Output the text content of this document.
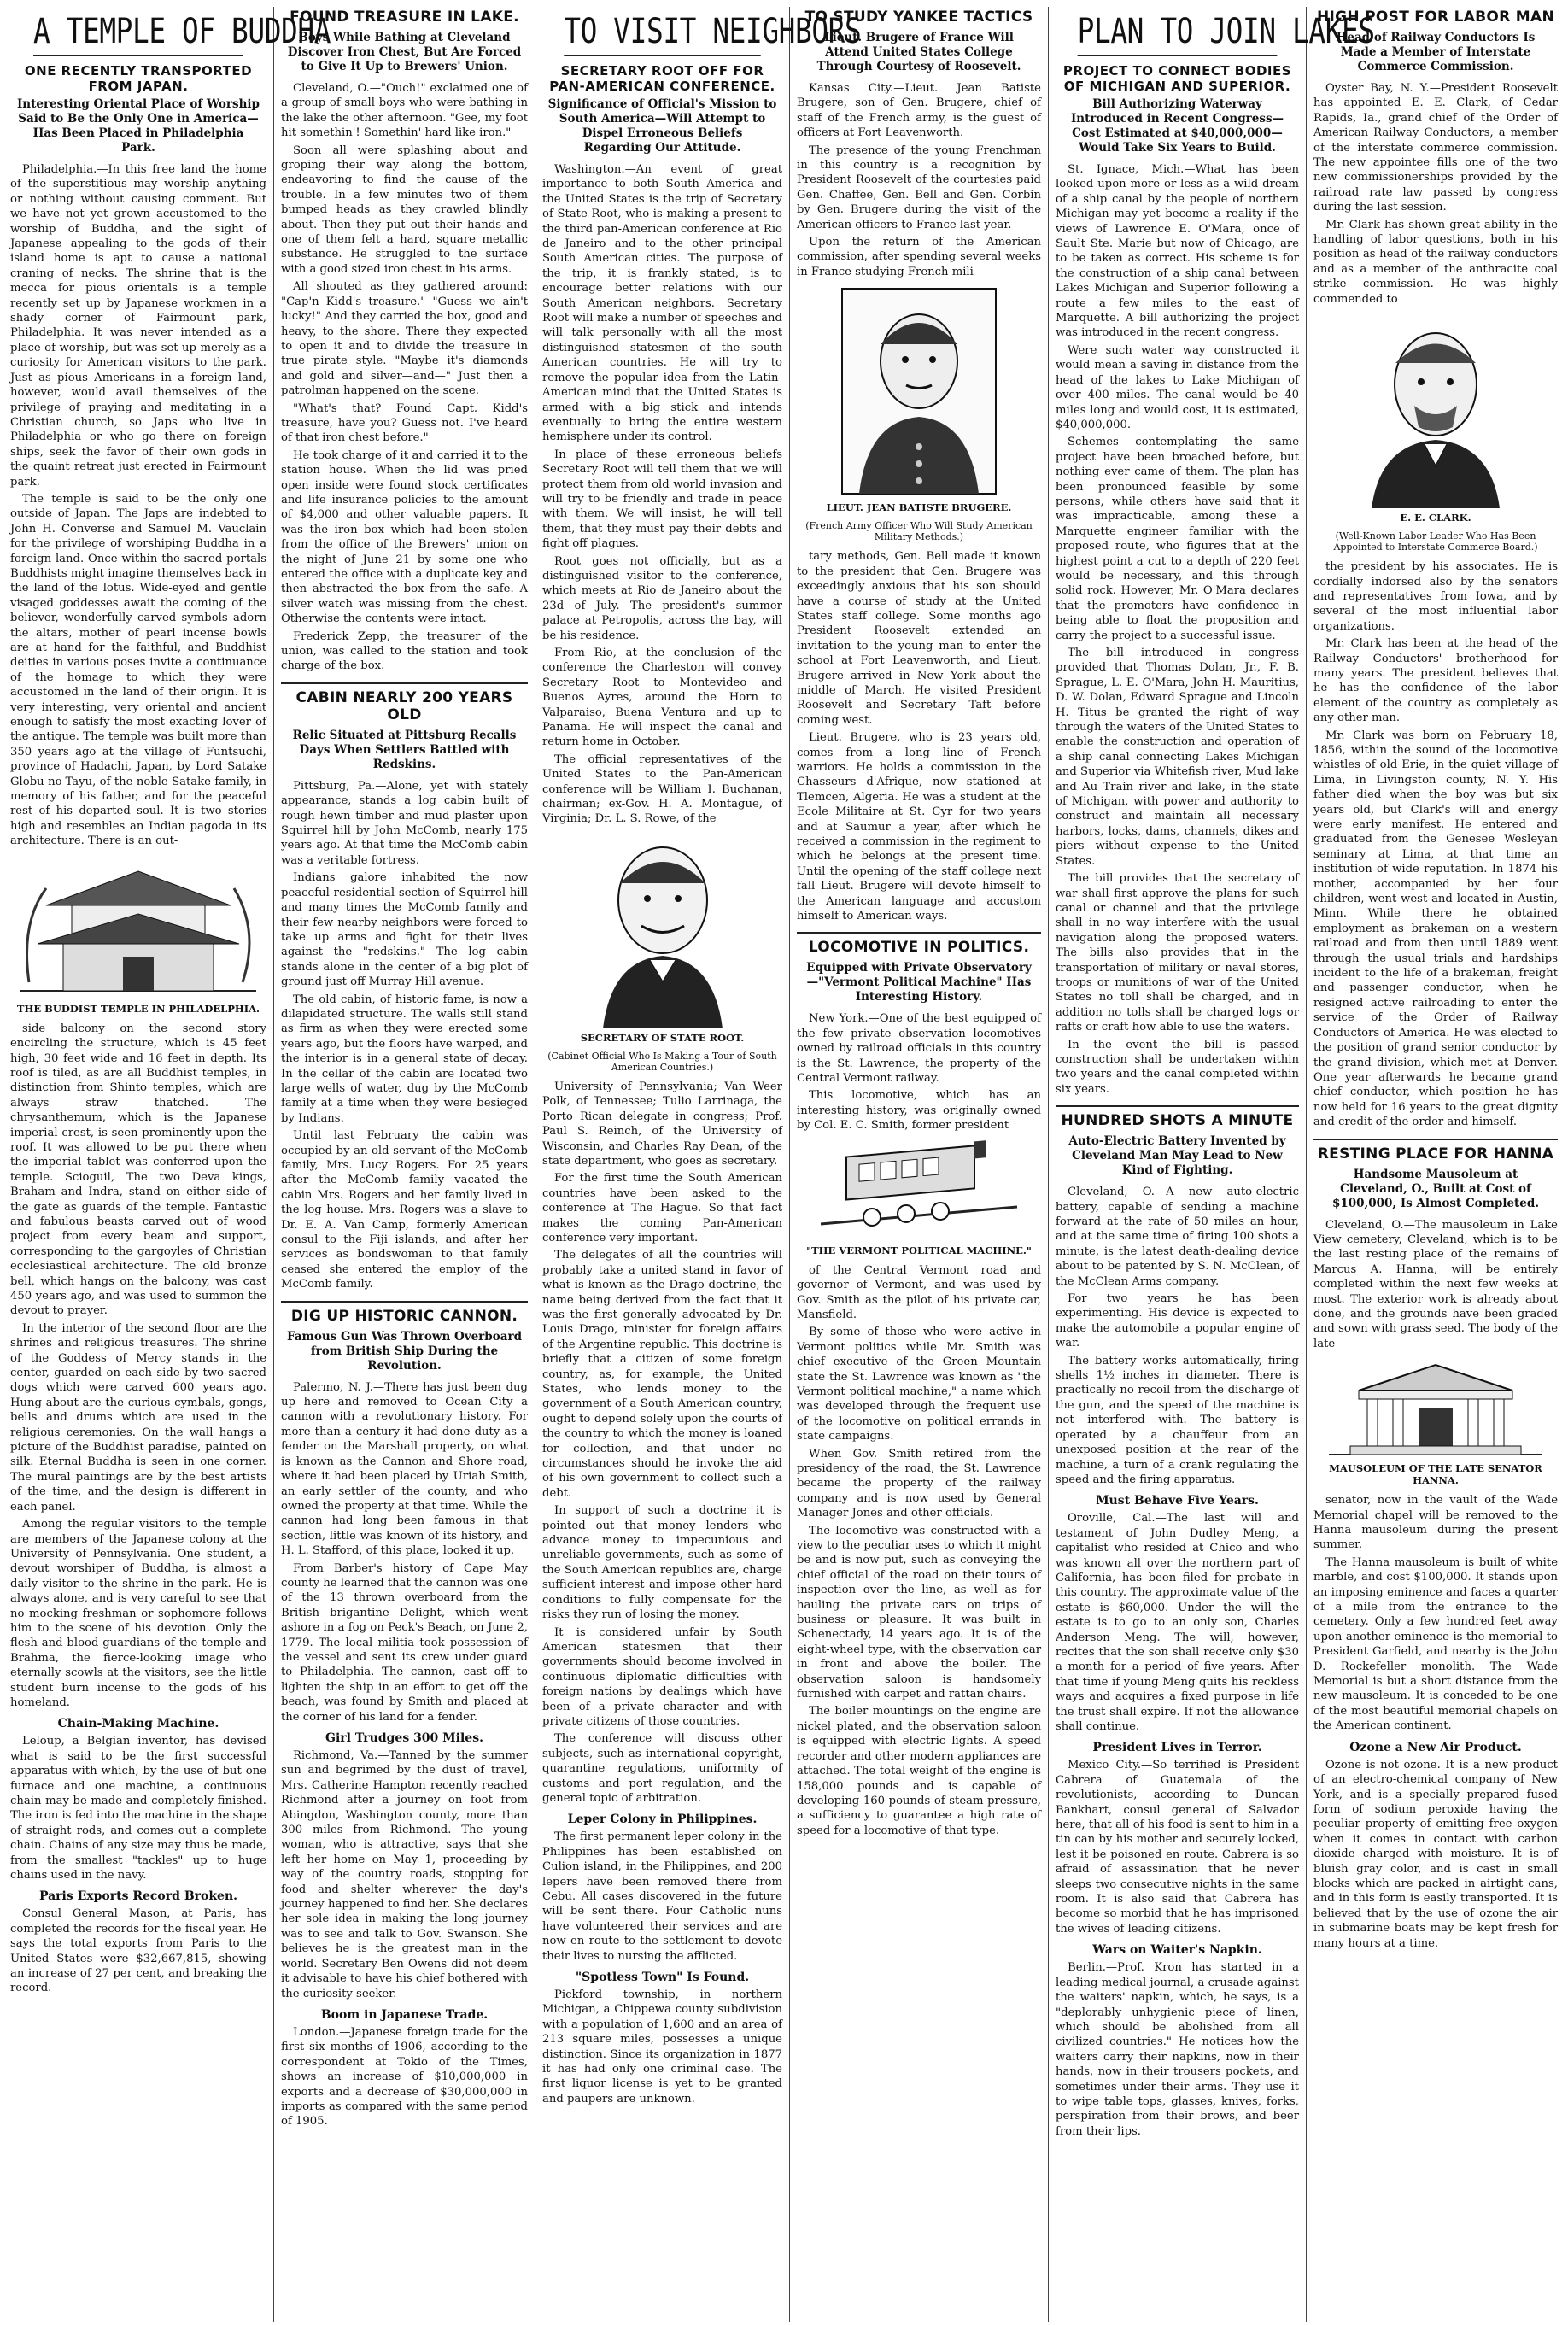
A TEMPLE OF BUDDHA
ONE RECENTLY TRANSPORTED FROM JAPAN.
Interesting Oriental Place of Worship Said to Be the Only One in America—Has Been Placed in Philadelphia Park.

Philadelphia.—In this free land the home of the superstitious may worship anything or nothing without causing comment. But we have not yet grown accustomed to the worship of Buddha, and the sight of Japanese appealing to the gods of their island home is apt to cause a national craning of necks. The shrine that is the mecca for pious orientals is a temple recently set up by Japanese workmen in a shady corner of Fairmount park, Philadelphia. It was never intended as a place of worship, but was set up merely as a curiosity for American visitors to the park. Just as pious Americans in a foreign land, however, would avail themselves of the privilege of praying and meditating in a Christian church, so Japs who live in Philadelphia or who go there on foreign ships, seek the favor of their own gods in the quaint retreat just erected in Fairmount park.

The temple is said to be the only one outside of Japan. The Japs are indebted to John H. Converse and Samuel M. Vauclain for the privilege of worshiping Buddha in a foreign land. Once within the sacred portals Buddhists might imagine themselves back in the land of the lotus. Wide-eyed and gentle visaged goddesses await the coming of the believer, wonderfully carved symbols adorn the altars, mother of pearl incense bowls are at hand for the faithful, and Buddhist deities in various poses invite a continuance of the homage to which they were accustomed in the land of their origin. It is very interesting, very oriental and ancient enough to satisfy the most exacting lover of the antique. The temple was built more than 350 years ago at the village of Funtsuchi, province of Hadachi, Japan, by Lord Satake Globu-no-Tayu, of the noble Satake family, in memory of his father, and for the peaceful rest of his departed soul. It is two stories high and resembles an Indian pagoda in its architecture. There is an out-

THE BUDDIST TEMPLE IN PHILADELPHIA.

side balcony on the second story encircling the structure, which is 45 feet high, 30 feet wide and 16 feet in depth. Its roof is tiled, as are all Buddhist temples, in distinction from Shinto temples, which are always straw thatched. The chrysanthemum, which is the Japanese imperial crest, is seen prominently upon the roof. It was allowed to be put there when the imperial tablet was conferred upon the temple. Scioguil, The two Deva kings, Braham and Indra, stand on either side of the gate as guards of the temple. Fantastic and fabulous beasts carved out of wood project from every beam and support, corresponding to the gargoyles of Christian ecclesiastical architecture. The old bronze bell, which hangs on the balcony, was cast 450 years ago, and was used to summon the devout to prayer.

In the interior of the second floor are the shrines and religious treasures. The shrine of the Goddess of Mercy stands in the center, guarded on each side by two sacred dogs which were carved 600 years ago. Hung about are the curious cymbals, gongs, bells and drums which are used in the religious ceremonies. On the wall hangs a picture of the Buddhist paradise, painted on silk. Eternal Buddha is seen in one corner. The mural paintings are by the best artists of the time, and the design is different in each panel.

Among the regular visitors to the temple are members of the Japanese colony at the University of Pennsylvania. One student, a devout worshiper of Buddha, is almost a daily visitor to the shrine in the park. He is always alone, and is very careful to see that no mocking freshman or sophomore follows him to the scene of his devotion. Only the flesh and blood guardians of the temple and Brahma, the fierce-looking image who eternally scowls at the visitors, see the little student burn incense to the gods of his homeland.

Chain-Making Machine.

Leloup, a Belgian inventor, has devised what is said to be the first successful apparatus with which, by the use of but one furnace and one machine, a continuous chain may be made and completely finished. The iron is fed into the machine in the shape of straight rods, and comes out a complete chain. Chains of any size may thus be made, from the smallest "tackles" up to huge chains used in the navy.

Paris Exports Record Broken.

Consul General Mason, at Paris, has completed the records for the fiscal year. He says the total exports from Paris to the United States were $32,667,815, showing an increase of 27 per cent, and breaking the record.

FOUND TREASURE IN LAKE.
Boys While Bathing at Cleveland Discover Iron Chest, But Are Forced to Give It Up to Brewers' Union.

Cleveland, O.—"Ouch!" exclaimed one of a group of small boys who were bathing in the lake the other afternoon. "Gee, my foot hit somethin'! Somethin' hard like iron."

Soon all were splashing about and groping their way along the bottom, endeavoring to find the cause of the trouble. In a few minutes two of them bumped heads as they crawled blindly about. Then they put out their hands and one of them felt a hard, square metallic substance. He struggled to the surface with a good sized iron chest in his arms.

All shouted as they gathered around: "Cap'n Kidd's treasure." "Guess we ain't lucky!" And they carried the box, good and heavy, to the shore. There they expected to open it and to divide the treasure in true pirate style. "Maybe it's diamonds and gold and silver—and—" Just then a patrolman happened on the scene.

"What's that? Found Capt. Kidd's treasure, have you? Guess not. I've heard of that iron chest before."

He took charge of it and carried it to the station house. When the lid was pried open inside were found stock certificates and life insurance policies to the amount of $4,000 and other valuable papers. It was the iron box which had been stolen from the office of the Brewers' union on the night of June 21 by some one who entered the office with a duplicate key and then abstracted the box from the safe. A silver watch was missing from the chest. Otherwise the contents were intact.

Frederick Zepp, the treasurer of the union, was called to the station and took charge of the box.

CABIN NEARLY 200 YEARS OLD
Relic Situated at Pittsburg Recalls Days When Settlers Battled with Redskins.

Pittsburg, Pa.—Alone, yet with stately appearance, stands a log cabin built of rough hewn timber and mud plaster upon Squirrel hill by John McComb, nearly 175 years ago. At that time the McComb cabin was a veritable fortress.

Indians galore inhabited the now peaceful residential section of Squirrel hill and many times the McComb family and their few nearby neighbors were forced to take up arms and fight for their lives against the "redskins." The log cabin stands alone in the center of a big plot of ground just off Murray Hill avenue.

The old cabin, of historic fame, is now a dilapidated structure. The walls still stand as firm as when they were erected some years ago, but the floors have warped, and the interior is in a general state of decay. In the cellar of the cabin are located two large wells of water, dug by the McComb family at a time when they were besieged by Indians.

Until last February the cabin was occupied by an old servant of the McComb family, Mrs. Lucy Rogers. For 25 years after the McComb family vacated the cabin Mrs. Rogers and her family lived in the log house. Mrs. Rogers was a slave to Dr. E. A. Van Camp, formerly American consul to the Fiji islands, and after her services as bondswoman to that family ceased she entered the employ of the McComb family.

DIG UP HISTORIC CANNON.
Famous Gun Was Thrown Overboard from British Ship During the Revolution.

Palermo, N. J.—There has just been dug up here and removed to Ocean City a cannon with a revolutionary history. For more than a century it had done duty as a fender on the Marshall property, on what is known as the Cannon and Shore road, where it had been placed by Uriah Smith, an early settler of the county, and who owned the property at that time. While the cannon had long been famous in that section, little was known of its history, and H. L. Stafford, of this place, looked it up.

From Barber's history of Cape May county he learned that the cannon was one of the 13 thrown overboard from the British brigantine Delight, which went ashore in a fog on Peck's Beach, on June 2, 1779. The local militia took possession of the vessel and sent its crew under guard to Philadelphia. The cannon, cast off to lighten the ship in an effort to get off the beach, was found by Smith and placed at the corner of his land for a fender.

Girl Trudges 300 Miles.

Richmond, Va.—Tanned by the summer sun and begrimed by the dust of travel, Mrs. Catherine Hampton recently reached Richmond after a journey on foot from Abingdon, Washington county, more than 300 miles from Richmond. The young woman, who is attractive, says that she left her home on May 1, proceeding by way of the country roads, stopping for food and shelter wherever the day's journey happened to find her. She declares her sole idea in making the long journey was to see and talk to Gov. Swanson. She believes he is the greatest man in the world. Secretary Ben Owens did not deem it advisable to have his chief bothered with the curiosity seeker.

Boom in Japanese Trade.

London.—Japanese foreign trade for the first six months of 1906, according to the correspondent at Tokio of the Times, shows an increase of $10,000,000 in exports and a decrease of $30,000,000 in imports as compared with the same period of 1905.

TO VISIT NEIGHBORS
SECRETARY ROOT OFF FOR PAN-AMERICAN CONFERENCE.
Significance of Official's Mission to South America—Will Attempt to Dispel Erroneous Beliefs Regarding Our Attitude.

Washington.—An event of great importance to both South America and the United States is the trip of Secretary of State Root, who is making a present to the third pan-American conference at Rio de Janeiro and to the other principal South American cities. The purpose of the trip, it is frankly stated, is to encourage better relations with our South American neighbors. Secretary Root will make a number of speeches and will talk personally with all the most distinguished statesmen of the south American countries. He will try to remove the popular idea from the Latin-American mind that the United States is armed with a big stick and intends eventually to bring the entire western hemisphere under its control.

In place of these erroneous beliefs Secretary Root will tell them that we will protect them from old world invasion and will try to be friendly and trade in peace with them. We will insist, he will tell them, that they must pay their debts and fight off plagues.

Root goes not officially, but as a distinguished visitor to the conference, which meets at Rio de Janeiro about the 23d of July. The president's summer palace at Petropolis, across the bay, will be his residence.

From Rio, at the conclusion of the conference the Charleston will convey Secretary Root to Montevideo and Buenos Ayres, around the Horn to Valparaiso, Buena Ventura and up to Panama. He will inspect the canal and return home in October.

The official representatives of the United States to the Pan-American conference will be William I. Buchanan, chairman; ex-Gov. H. A. Montague, of Virginia; Dr. L. S. Rowe, of the

SECRETARY OF STATE ROOT.
(Cabinet Official Who Is Making a Tour of South American Countries.)

University of Pennsylvania; Van Weer Polk, of Tennessee; Tulio Larrinaga, the Porto Rican delegate in congress; Prof. Paul S. Reinch, of the University of Wisconsin, and Charles Ray Dean, of the state department, who goes as secretary.

For the first time the South American countries have been asked to the conference at The Hague. So that fact makes the coming Pan-American conference very important.

The delegates of all the countries will probably take a united stand in favor of what is known as the Drago doctrine, the name being derived from the fact that it was the first generally advocated by Dr. Louis Drago, minister for foreign affairs of the Argentine republic. This doctrine is briefly that a citizen of some foreign country, as, for example, the United States, who lends money to the government of a South American country, ought to depend solely upon the courts of the country to which the money is loaned for collection, and that under no circumstances should he invoke the aid of his own government to collect such a debt.

In support of such a doctrine it is pointed out that money lenders who advance money to impecunious and unreliable governments, such as some of the South American republics are, charge sufficient interest and impose other hard conditions to fully compensate for the risks they run of losing the money.

It is considered unfair by South American statesmen that their governments should become involved in continuous diplomatic difficulties with foreign nations by dealings which have been of a private character and with private citizens of those countries.

The conference will discuss other subjects, such as international copyright, quarantine regulations, uniformity of customs and port regulation, and the general topic of arbitration.

Leper Colony in Philippines.

The first permanent leper colony in the Philippines has been established on Culion island, in the Philippines, and 200 lepers have been removed there from Cebu. All cases discovered in the future will be sent there. Four Catholic nuns have volunteered their services and are now en route to the settlement to devote their lives to nursing the afflicted.

"Spotless Town" Is Found.

Pickford township, in northern Michigan, a Chippewa county subdivision with a population of 1,600 and an area of 213 square miles, possesses a unique distinction. Since its organization in 1877 it has had only one criminal case. The first liquor license is yet to be granted and paupers are unknown.

TO STUDY YANKEE TACTICS
Lieut. Brugere of France Will Attend United States College Through Courtesy of Roosevelt.

Kansas City.—Lieut. Jean Batiste Brugere, son of Gen. Brugere, chief of staff of the French army, is the guest of officers at Fort Leavenworth.

The presence of the young Frenchman in this country is a recognition by President Roosevelt of the courtesies paid Gen. Chaffee, Gen. Bell and Gen. Corbin by Gen. Brugere during the visit of the American officers to France last year.

Upon the return of the American commission, after spending several weeks in France studying French mili-

LIEUT. JEAN BATISTE BRUGERE.
(French Army Officer Who Will Study American Military Methods.)

tary methods, Gen. Bell made it known to the president that Gen. Brugere was exceedingly anxious that his son should have a course of study at the United States staff college. Some months ago President Roosevelt extended an invitation to the young man to enter the school at Fort Leavenworth, and Lieut. Brugere arrived in New York about the middle of March. He visited President Roosevelt and Secretary Taft before coming west.

Lieut. Brugere, who is 23 years old, comes from a long line of French warriors. He holds a commission in the Chasseurs d'Afrique, now stationed at Tlemcen, Algeria. He was a student at the Ecole Militaire at St. Cyr for two years and at Saumur a year, after which he received a commission in the regiment to which he belongs at the present time. Until the opening of the staff college next fall Lieut. Brugere will devote himself to the American language and accustom himself to American ways.

LOCOMOTIVE IN POLITICS.
Equipped with Private Observatory—"Vermont Political Machine" Has Interesting History.

New York.—One of the best equipped of the few private observation locomotives owned by railroad officials in this country is the St. Lawrence, the property of the Central Vermont railway.

This locomotive, which has an interesting history, was originally owned by Col. E. C. Smith, former president

"THE VERMONT POLITICAL MACHINE."

of the Central Vermont road and governor of Vermont, and was used by Gov. Smith as the pilot of his private car, Mansfield.

By some of those who were active in Vermont politics while Mr. Smith was chief executive of the Green Mountain state the St. Lawrence was known as "the Vermont political machine," a name which was developed through the frequent use of the locomotive on political errands in state campaigns.

When Gov. Smith retired from the presidency of the road, the St. Lawrence became the property of the railway company and is now used by General Manager Jones and other officials.

The locomotive was constructed with a view to the peculiar uses to which it might be and is now put, such as conveying the chief official of the road on their tours of inspection over the line, as well as for hauling the private cars on trips of business or pleasure. It was built in Schenectady, 14 years ago. It is of the eight-wheel type, with the observation car in front and above the boiler. The observation saloon is handsomely furnished with carpet and rattan chairs.

The boiler mountings on the engine are nickel plated, and the observation saloon is equipped with electric lights. A speed recorder and other modern appliances are attached. The total weight of the engine is 158,000 pounds and is capable of developing 160 pounds of steam pressure, a sufficiency to guarantee a high rate of speed for a locomotive of that type.

PLAN TO JOIN LAKES
PROJECT TO CONNECT BODIES OF MICHIGAN AND SUPERIOR.
Bill Authorizing Waterway Introduced in Recent Congress—Cost Estimated at $40,000,000—Would Take Six Years to Build.

St. Ignace, Mich.—What has been looked upon more or less as a wild dream of a ship canal by the people of northern Michigan may yet become a reality if the views of Lawrence E. O'Mara, once of Sault Ste. Marie but now of Chicago, are to be taken as correct. His scheme is for the construction of a ship canal between Lakes Michigan and Superior following a route a few miles to the east of Marquette. A bill authorizing the project was introduced in the recent congress.

Were such water way constructed it would mean a saving in distance from the head of the lakes to Lake Michigan of over 400 miles. The canal would be 40 miles long and would cost, it is estimated, $40,000,000.

Schemes contemplating the same project have been broached before, but nothing ever came of them. The plan has been pronounced feasible by some persons, while others have said that it was impracticable, among these a Marquette engineer familiar with the proposed route, who figures that at the highest point a cut to a depth of 220 feet would be necessary, and this through solid rock. However, Mr. O'Mara declares that the promoters have confidence in being able to float the proposition and carry the project to a successful issue.

The bill introduced in congress provided that Thomas Dolan, Jr., F. B. Sprague, L. E. O'Mara, John H. Mauritius, D. W. Dolan, Edward Sprague and Lincoln H. Titus be granted the right of way through the waters of the United States to enable the construction and operation of a ship canal connecting Lakes Michigan and Superior via Whitefish river, Mud lake and Au Train river and lake, in the state of Michigan, with power and authority to construct and maintain all necessary harbors, locks, dams, channels, dikes and piers without expense to the United States.

The bill provides that the secretary of war shall first approve the plans for such canal or channel and that the privilege shall in no way interfere with the usual navigation along the proposed waters. The bills also provides that in the transportation of military or naval stores, troops or munitions of war of the United States no toll shall be charged, and in addition no tolls shall be charged logs or rafts or craft how able to use the waters.

In the event the bill is passed construction shall be undertaken within two years and the canal completed within six years.

HUNDRED SHOTS A MINUTE
Auto-Electric Battery Invented by Cleveland Man May Lead to New Kind of Fighting.

Cleveland, O.—A new auto-electric battery, capable of sending a machine forward at the rate of 50 miles an hour, and at the same time of firing 100 shots a minute, is the latest death-dealing device about to be patented by S. N. McClean, of the McClean Arms company.

For two years he has been experimenting. His device is expected to make the automobile a popular engine of war.

The battery works automatically, firing shells 1½ inches in diameter. There is practically no recoil from the discharge of the gun, and the speed of the machine is not interfered with. The battery is operated by a chauffeur from an unexposed position at the rear of the machine, a turn of a crank regulating the speed and the firing apparatus.

Must Behave Five Years.

Oroville, Cal.—The last will and testament of John Dudley Meng, a capitalist who resided at Chico and who was known all over the northern part of California, has been filed for probate in this country. The approximate value of the estate is $60,000. Under the will the estate is to go to an only son, Charles Anderson Meng. The will, however, recites that the son shall receive only $30 a month for a period of five years. After that time if young Meng quits his reckless ways and acquires a fixed purpose in life the trust shall expire. If not the allowance shall continue.

President Lives in Terror.

Mexico City.—So terrified is President Cabrera of Guatemala of the revolutionists, according to Duncan Bankhart, consul general of Salvador here, that all of his food is sent to him in a tin can by his mother and securely locked, lest it be poisoned en route. Cabrera is so afraid of assassination that he never sleeps two consecutive nights in the same room. It is also said that Cabrera has become so morbid that he has imprisoned the wives of leading citizens.

Wars on Waiter's Napkin.

Berlin.—Prof. Kron has started in a leading medical journal, a crusade against the waiters' napkin, which, he says, is a "deplorably unhygienic piece of linen, which should be abolished from all civilized countries." He notices how the waiters carry their napkins, now in their hands, now in their trousers pockets, and sometimes under their arms. They use it to wipe table tops, glasses, knives, forks, perspiration from their brows, and beer from their lips.

HIGH POST FOR LABOR MAN
Head of Railway Conductors Is Made a Member of Interstate Commerce Commission.

Oyster Bay, N. Y.—President Roosevelt has appointed E. E. Clark, of Cedar Rapids, Ia., grand chief of the Order of American Railway Conductors, a member of the interstate commerce commission. The new appointee fills one of the two new commissionerships provided by the railroad rate law passed by congress during the last session.

Mr. Clark has shown great ability in the handling of labor questions, both in his position as head of the railway conductors and as a member of the anthracite coal strike commission. He was highly commended to

E. E. CLARK.
(Well-Known Labor Leader Who Has Been Appointed to Interstate Commerce Board.)

the president by his associates. He is cordially indorsed also by the senators and representatives from Iowa, and by several of the most influential labor organizations.

Mr. Clark has been at the head of the Railway Conductors' brotherhood for many years. The president believes that he has the confidence of the labor element of the country as completely as any other man.

Mr. Clark was born on February 18, 1856, within the sound of the locomotive whistles of old Erie, in the quiet village of Lima, in Livingston county, N. Y. His father died when the boy was but six years old, but Clark's will and energy were early manifest. He entered and graduated from the Genesee Wesleyan seminary at Lima, at that time an institution of wide reputation. In 1874 his mother, accompanied by her four children, went west and located in Austin, Minn. While there he obtained employment as brakeman on a western railroad and from then until 1889 went through the usual trials and hardships incident to the life of a brakeman, freight and passenger conductor, when he resigned active railroading to enter the service of the Order of Railway Conductors of America. He was elected to the position of grand senior conductor by the grand division, which met at Denver. One year afterwards he became grand chief conductor, which position he has now held for 16 years to the great dignity and credit of the order and himself.

RESTING PLACE FOR HANNA
Handsome Mausoleum at Cleveland, O., Built at Cost of $100,000, Is Almost Completed.

Cleveland, O.—The mausoleum in Lake View cemetery, Cleveland, which is to be the last resting place of the remains of Marcus A. Hanna, will be entirely completed within the next few weeks at most. The exterior work is already about done, and the grounds have been graded and sown with grass seed. The body of the late

MAUSOLEUM OF THE LATE SENATOR HANNA.

senator, now in the vault of the Wade Memorial chapel will be removed to the Hanna mausoleum during the present summer.

The Hanna mausoleum is built of white marble, and cost $100,000. It stands upon an imposing eminence and faces a quarter of a mile from the entrance to the cemetery. Only a few hundred feet away upon another eminence is the memorial to President Garfield, and nearby is the John D. Rockefeller monolith. The Wade Memorial is but a short distance from the new mausoleum. It is conceded to be one of the most beautiful memorial chapels on the American continent.

Ozone a New Air Product.

Ozone is not ozone. It is a new product of an electro-chemical company of New York, and is a specially prepared fused form of sodium peroxide having the peculiar property of emitting free oxygen when it comes in contact with carbon dioxide charged with moisture. It is of bluish gray color, and is cast in small blocks which are packed in airtight cans, and in this form is easily transported. It is believed that by the use of ozone the air in submarine boats may be kept fresh for many hours at a time.
